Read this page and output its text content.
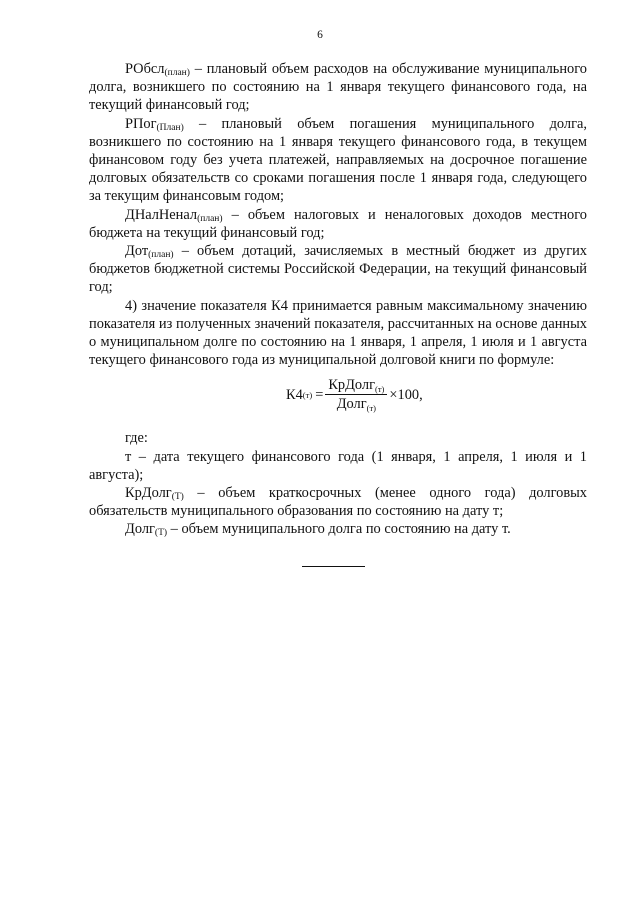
6

РОбсл$_{(план)}$ – плановый объем расходов на обслуживание муниципального долга, возникшего по состоянию на 1 января текущего финансового года, на текущий финансовый год;

РПог$_{(План)}$ – плановый объем погашения муниципального долга, возникшего по состоянию на 1 января текущего финансового года, в текущем финансовом году без учета платежей, направляемых на досрочное погашение долговых обязательств со сроками погашения после 1 января года, следующего за текущим финансовым годом;

ДНалНенал$_{(план)}$ – объем налоговых и неналоговых доходов местного бюджета на текущий финансовый год;

Дот$_{(план)}$ – объем дотаций, зачисляемых в местный бюджет из других бюджетов бюджетной системы Российской Федерации, на текущий финансовый год;

4) значение показателя К4 принимается равным максимальному значению показателя из полученных значений показателя, рассчитанных на основе данных о муниципальном долге по состоянию на 1 января, 1 апреля, 1 июля и 1 августа текущего финансового года из муниципальной долговой книги по формуле:

К4 $(т) = \frac{КрДолг_{(т)}}{Долг_{(т)}} \times 100$,

где:

т – дата текущего финансового года (1 января, 1 апреля, 1 июля и 1 августа);

КрДолг$_{(Т)}$ – объем краткосрочных (менее одного года) долговых обязательств муниципального образования по состоянию на дату т;

Долг$_{(Т)}$ – объем муниципального долга по состоянию на дату т.
